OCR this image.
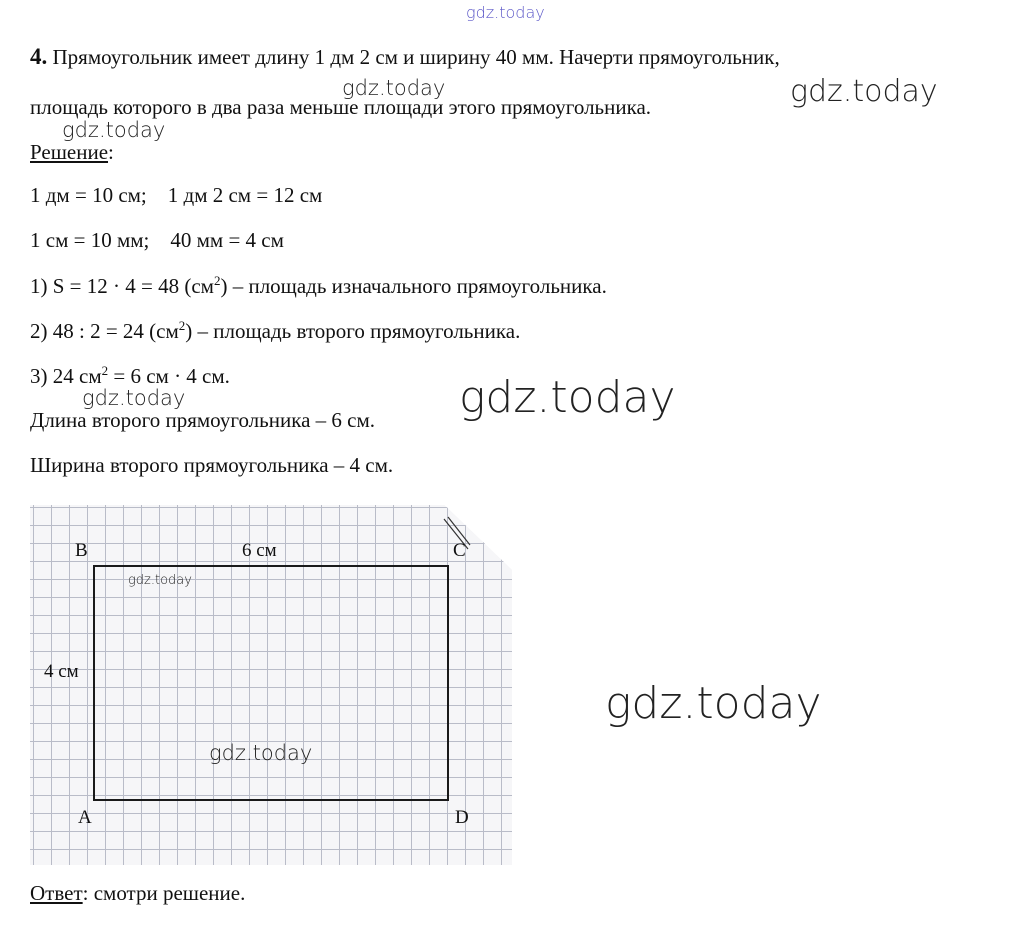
gdz.today
4. Прямоугольник имеет длину 1 дм 2 см и ширину 40 мм. Начерти прямоугольник,
площадь которого в два раза меньше площади этого прямоугольника.
gdz.today	gdz.today
gdz.today
Решение:
1 дм = 10 см;    1 дм 2 см = 12 см
1 см = 10 мм;    40 мм = 4 см
1) S = 12 · 4 = 48 $(см^2)$ – площадь изначального прямоугольника.
2) 48 : 2 = 24 $(см^2)$ – площадь второго прямоугольника.
3) 24 $см^2 = 6$ см · 4 см.
gdz.today
Длина второго прямоугольника – 6 см. gdz.today
Ширина второго прямоугольника – 4 см.
B	C
6 см
4 см
A	D
gdz.today
gdz.today
gdz.today
Ответ: смотри решение.
